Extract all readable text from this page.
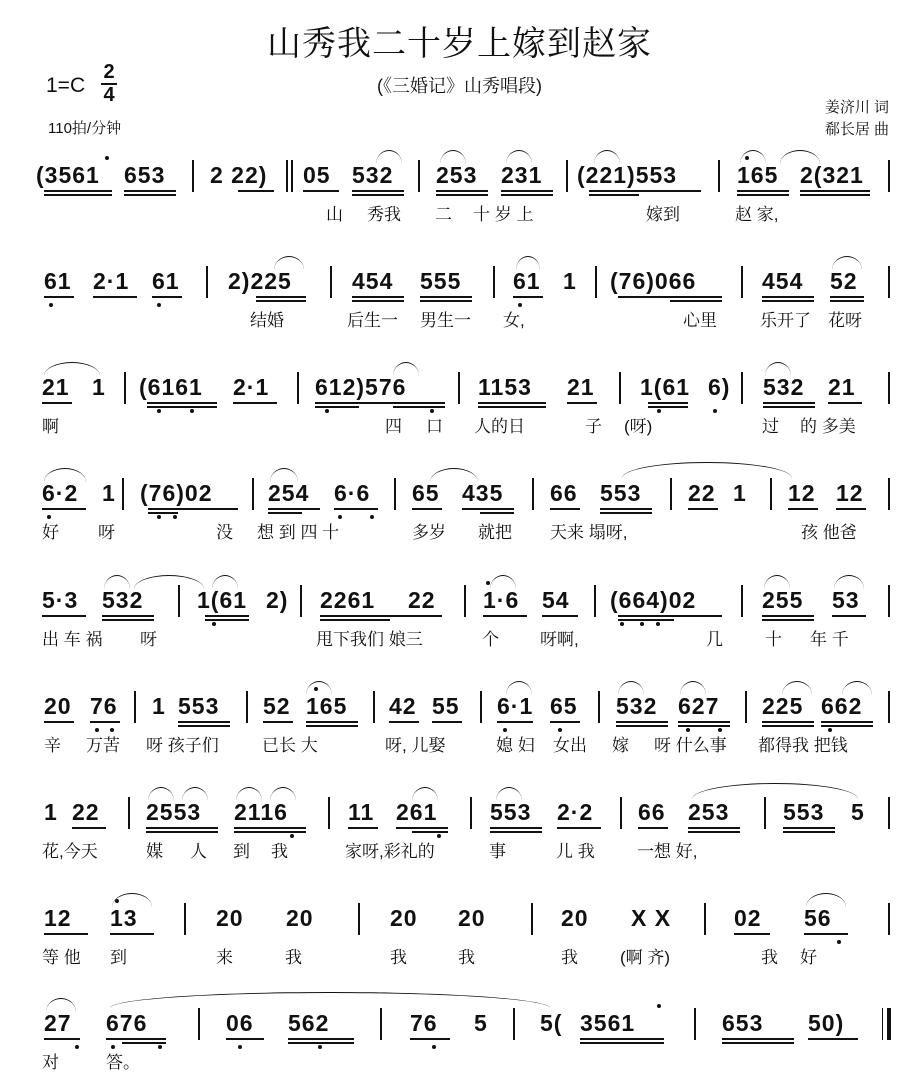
山秀我二十岁上嫁到赵家
(《三婚记》山秀唱段)
$1=C \frac{2}{4}$
110拍/分钟
姜济川 词
郗长居 曲
(3561 653 2 22) 05 532 253 231 (221)553	165 2(321
山 秀我 二 十 岁 上	嫁到	赵 家,
61 2·1 61 2)225	454 555 61 1 (76)066	454 52
结婚	后生一 男生一 女,	心里	乐开了 花呀
21 1 (6161 2·1 612)576	1153 21 1(61 6) 532 21
啊	四 口 人的日	子 (呀)	过 的 多美
6·2 1 (76)02 254 6·6 65 435 66 553 22 1 12 12
好 呀	没 想 到 四 十	多岁 就把 天来 塌呀,	孩 他爸
5·3 532 1(61 2) 2261 22 1·6 54 (664)02	255 53
出 车 祸 呀	甩下我们 娘三	个 呀啊,	几 十 年 千
20 76 1 553 52 165 42 55 6·1 65 532 627 225 662
辛 万苦 呀 孩子们	已长 大	呀, 儿娶	媳 妇 女出 嫁 呀 什么事 都得我 把钱
1 22 2553 2116	11 261 553 2·2 66 253 553 5
花,今天	媒 人 到 我	家呀,彩礼的	事	儿 我 一想 好,
12 13	20 20	20 20	20 X X	02 56
等 他 到	来	我	我	我	我 (啊 齐)	我 好
27 676	06 562	76 5 5( 3561	653 50)
对	答。
